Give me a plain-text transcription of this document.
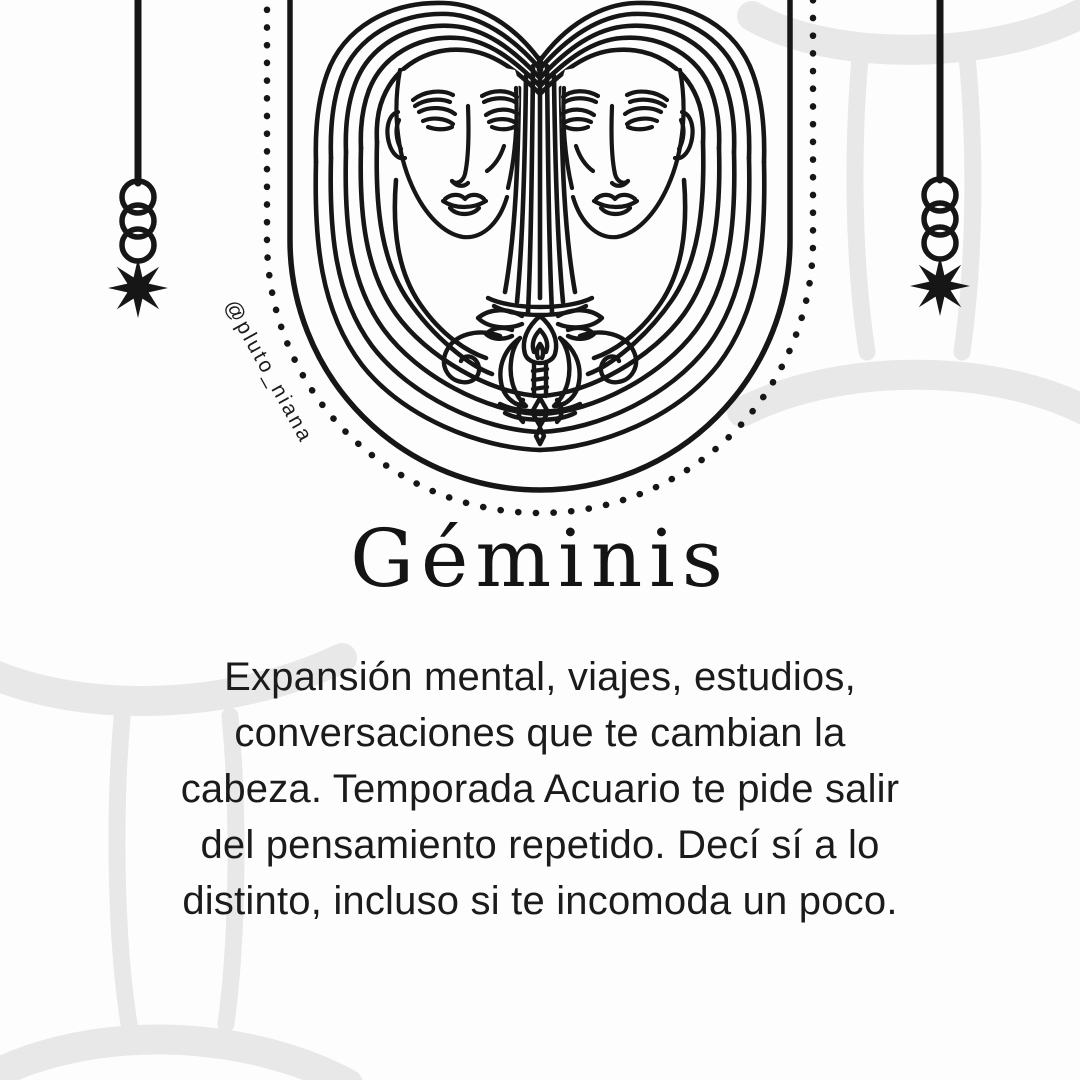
@pluto_niana
Géminis
Expansión mental, viajes, estudios,
conversaciones que te cambian la
cabeza. Temporada Acuario te pide salir
del pensamiento repetido. Decí sí a lo
distinto, incluso si te incomoda un poco.
